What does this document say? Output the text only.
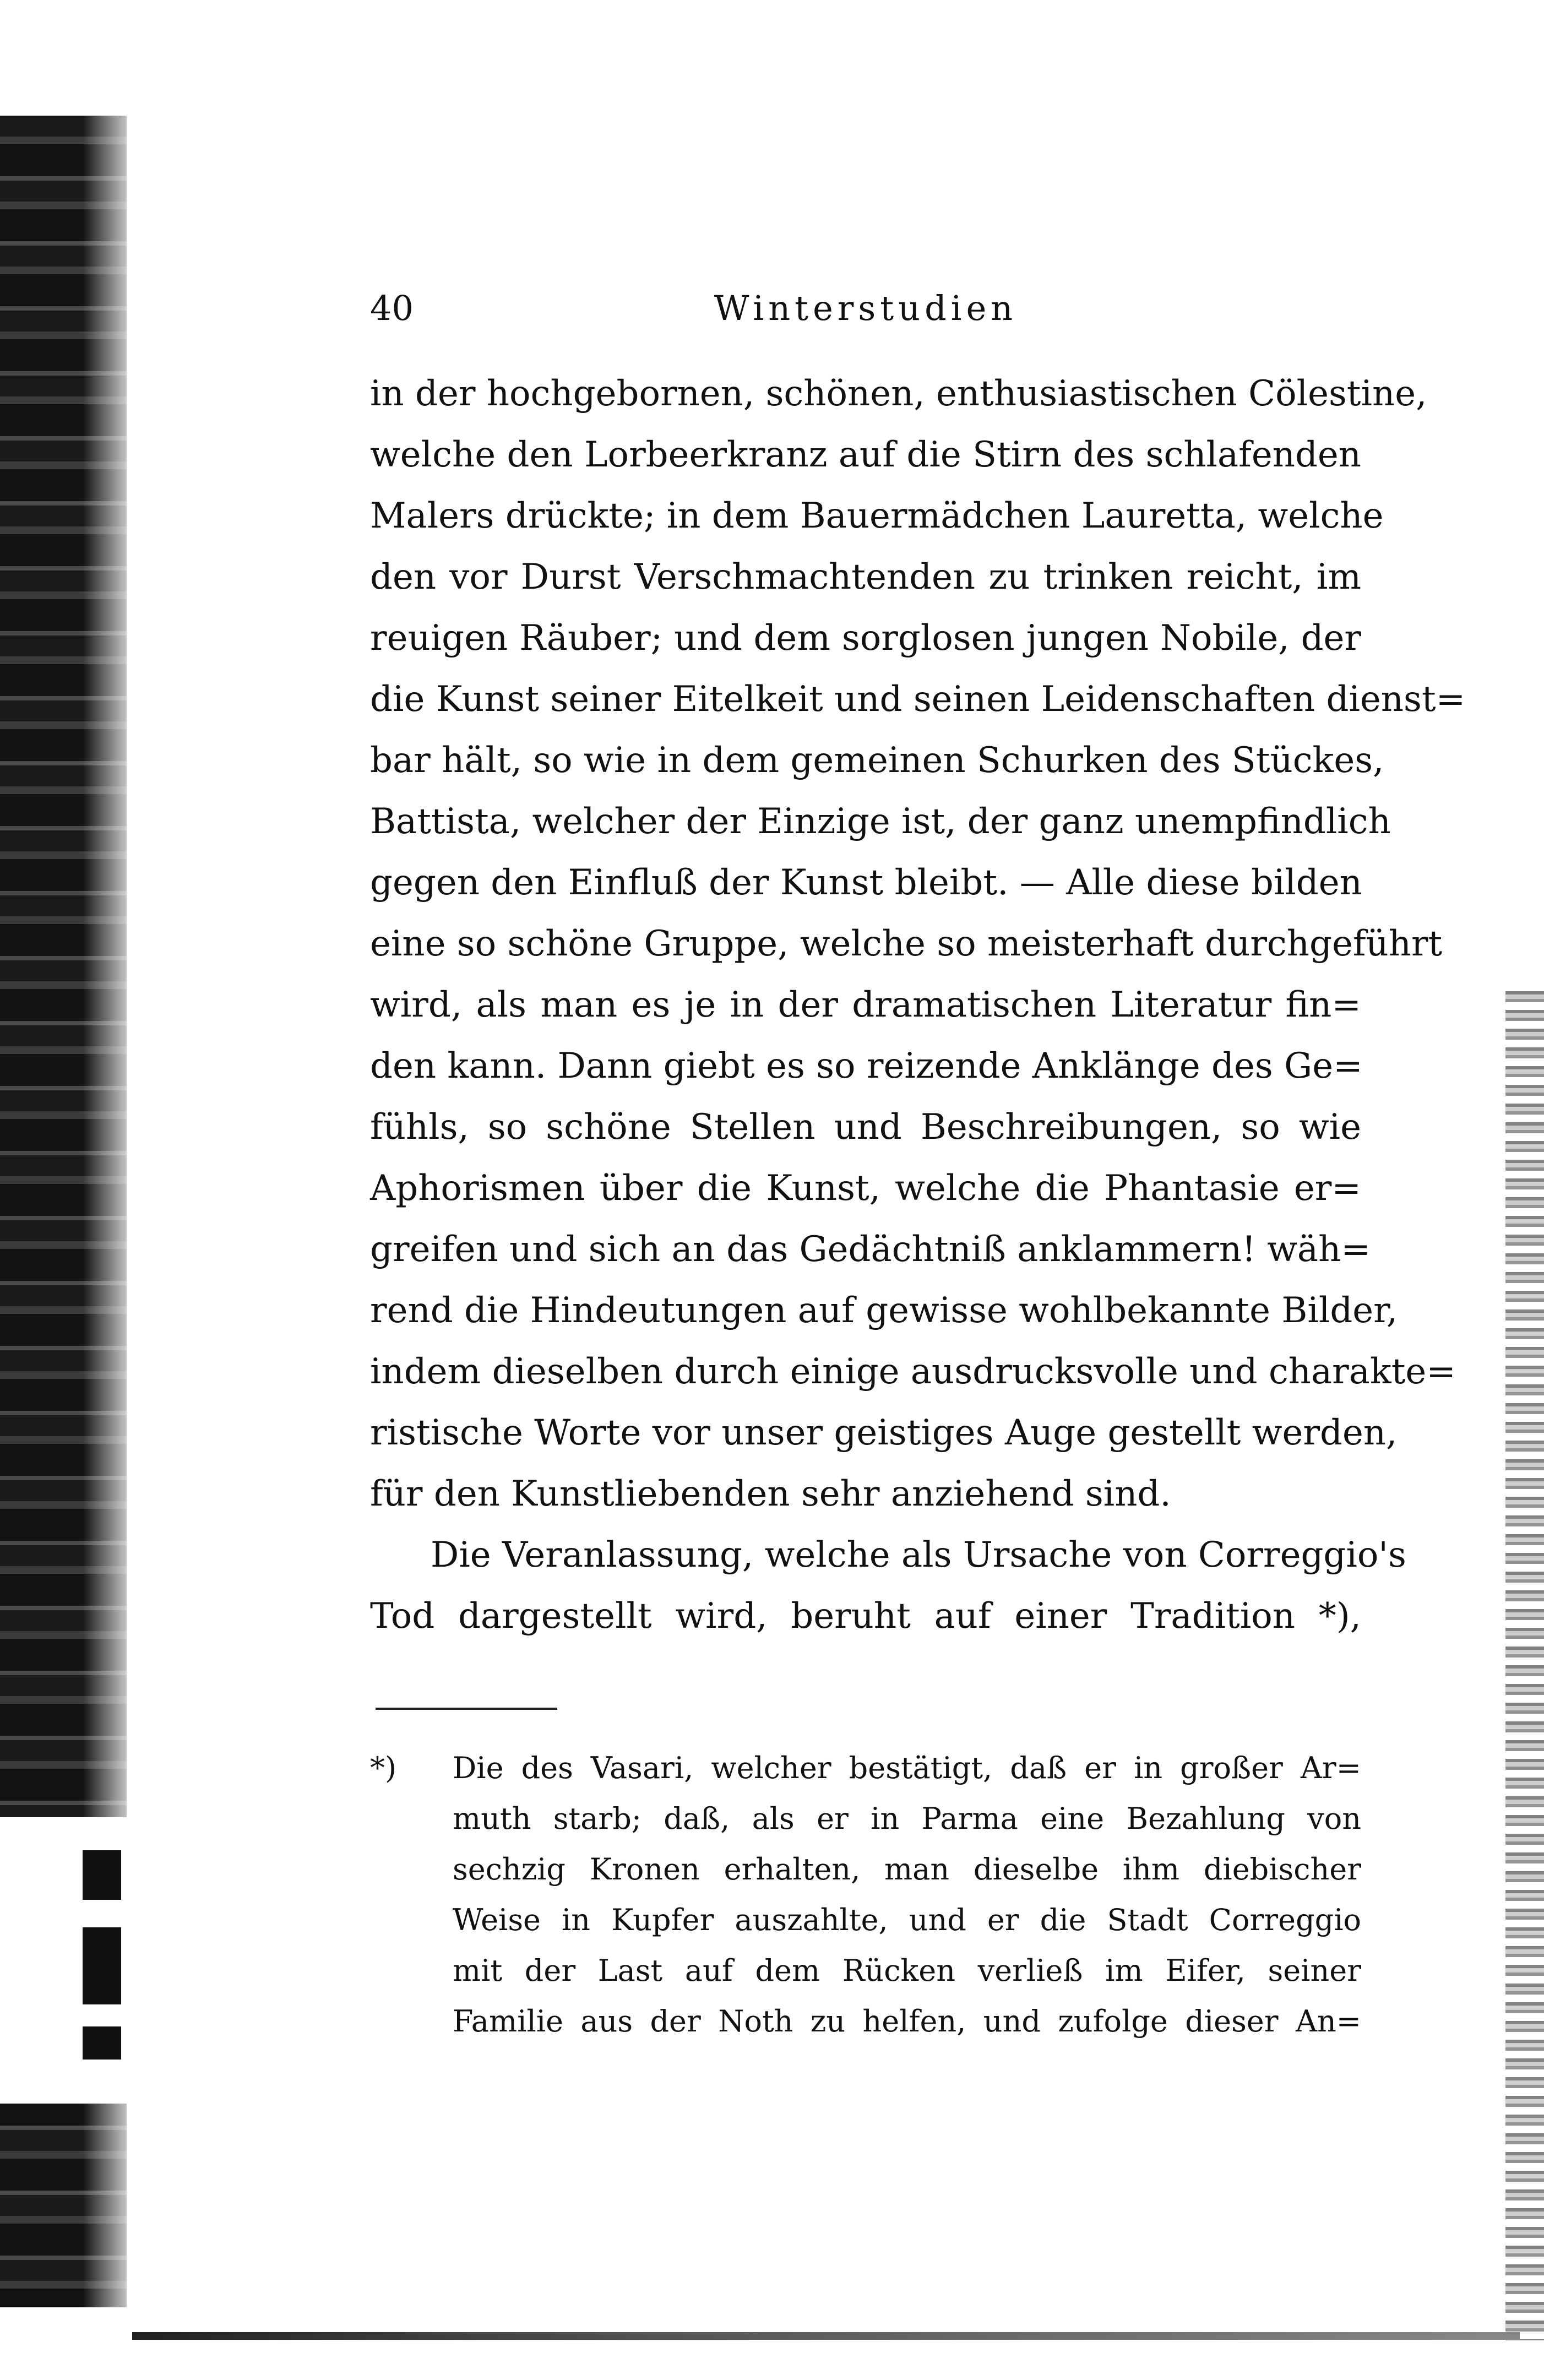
40	Winterstudien
in der hochgebornen, schönen, enthusiastischen Cölestine,
welche den Lorbeerkranz auf die Stirn des schlafenden
Malers drückte; in dem Bauermädchen Lauretta, welche
den vor Durst Verschmachtenden zu trinken reicht, im
reuigen Räuber; und dem sorglosen jungen Nobile, der
die Kunst seiner Eitelkeit und seinen Leidenschaften dienst=
bar hält, so wie in dem gemeinen Schurken des Stückes,
Battista, welcher der Einzige ist, der ganz unempfindlich
gegen den Einfluß der Kunst bleibt. — Alle diese bilden
eine so schöne Gruppe, welche so meisterhaft durchgeführt
wird, als man es je in der dramatischen Literatur fin=
den kann. Dann giebt es so reizende Anklänge des Ge=
fühls, so schöne Stellen und Beschreibungen, so wie
Aphorismen über die Kunst, welche die Phantasie er=
greifen und sich an das Gedächtniß anklammern! wäh=
rend die Hindeutungen auf gewisse wohlbekannte Bilder,
indem dieselben durch einige ausdrucksvolle und charakte=
ristische Worte vor unser geistiges Auge gestellt werden,
für den Kunstliebenden sehr anziehend sind.
Die Veranlassung, welche als Ursache von Correggio's
Tod dargestellt wird, beruht auf einer Tradition *),
*) Die des Vasari, welcher bestätigt, daß er in großer Ar=
muth starb; daß, als er in Parma eine Bezahlung von
sechzig Kronen erhalten, man dieselbe ihm diebischer
Weise in Kupfer auszahlte, und er die Stadt Correggio
mit der Last auf dem Rücken verließ im Eifer, seiner
Familie aus der Noth zu helfen, und zufolge dieser An=
